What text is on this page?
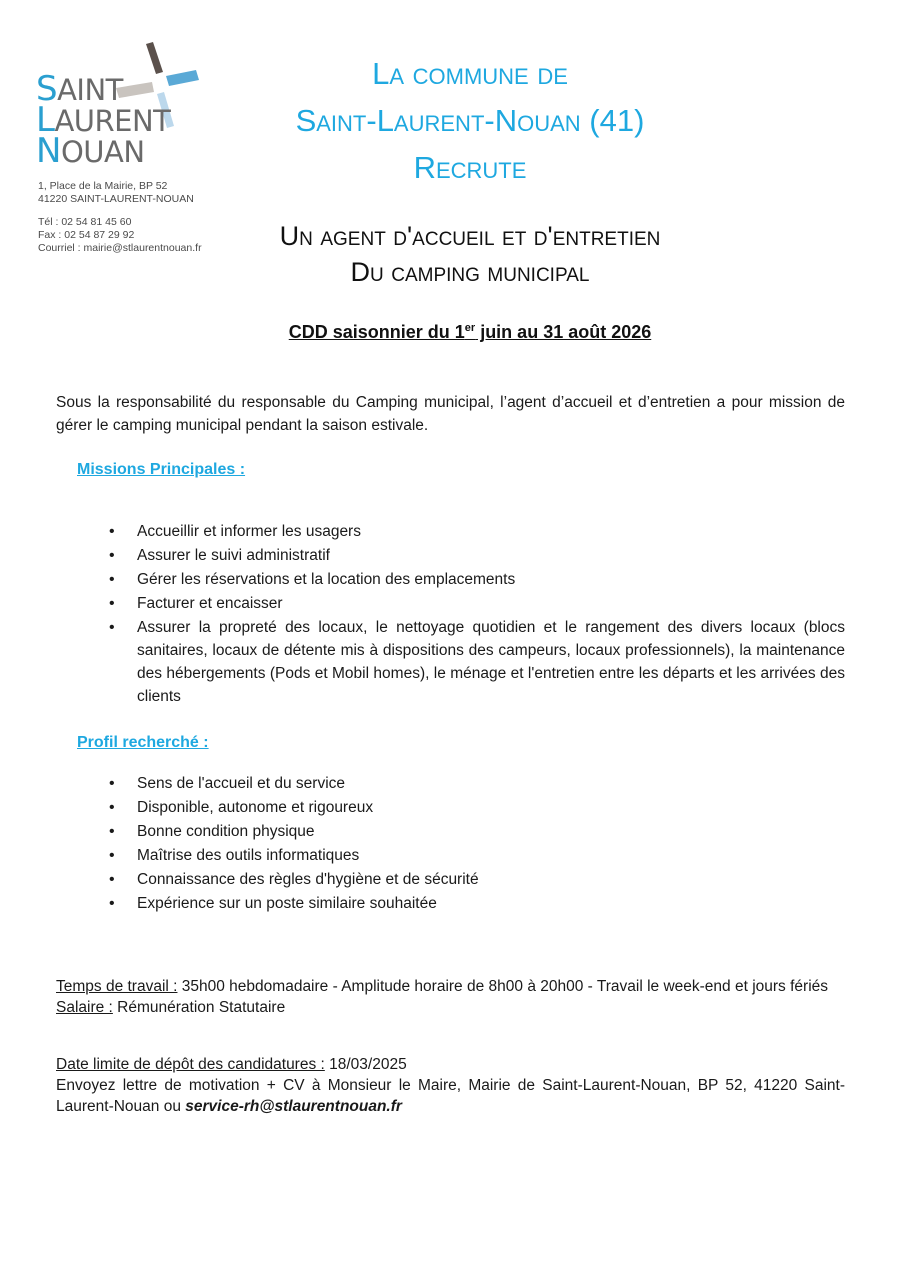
SAINT
LAURENT
NOUAN
1, Place de la Mairie, BP 52
41220 SAINT-LAURENT-NOUAN
Tél : 02 54 81 45 60
Fax : 02 54 87 29 92
Courriel : mairie@stlaurentnouan.fr
La commune de
Saint-Laurent-Nouan (41)
Recrute
Un agent d'accueil et d'entretien
Du camping municipal
CDD saisonnier du 1er juin au 31 août 2026
Sous la responsabilité du responsable du Camping municipal, l’agent d’accueil et d’entretien a pour mission de gérer le camping municipal pendant la saison estivale.
Missions Principales :
• Accueillir et informer les usagers
• Assurer le suivi administratif
• Gérer les réservations et la location des emplacements
• Facturer et encaisser
• Assurer la propreté des locaux, le nettoyage quotidien et le rangement des divers locaux (blocs sanitaires, locaux de détente mis à dispositions des campeurs, locaux professionnels), la maintenance des hébergements (Pods et Mobil homes), le ménage et l'entretien entre les départs et les arrivées des clients
Profil recherché :
• Sens de l'accueil et du service
• Disponible, autonome et rigoureux
• Bonne condition physique
• Maîtrise des outils informatiques
• Connaissance des règles d'hygiène et de sécurité
• Expérience sur un poste similaire souhaitée
Temps de travail : 35h00 hebdomadaire - Amplitude horaire de 8h00 à 20h00 - Travail le week-end et jours fériés
Salaire : Rémunération Statutaire
Date limite de dépôt des candidatures : 18/03/2025
Envoyez lettre de motivation + CV à Monsieur le Maire, Mairie de Saint-Laurent-Nouan, BP 52, 41220 Saint-Laurent-Nouan ou service-rh@stlaurentnouan.fr
